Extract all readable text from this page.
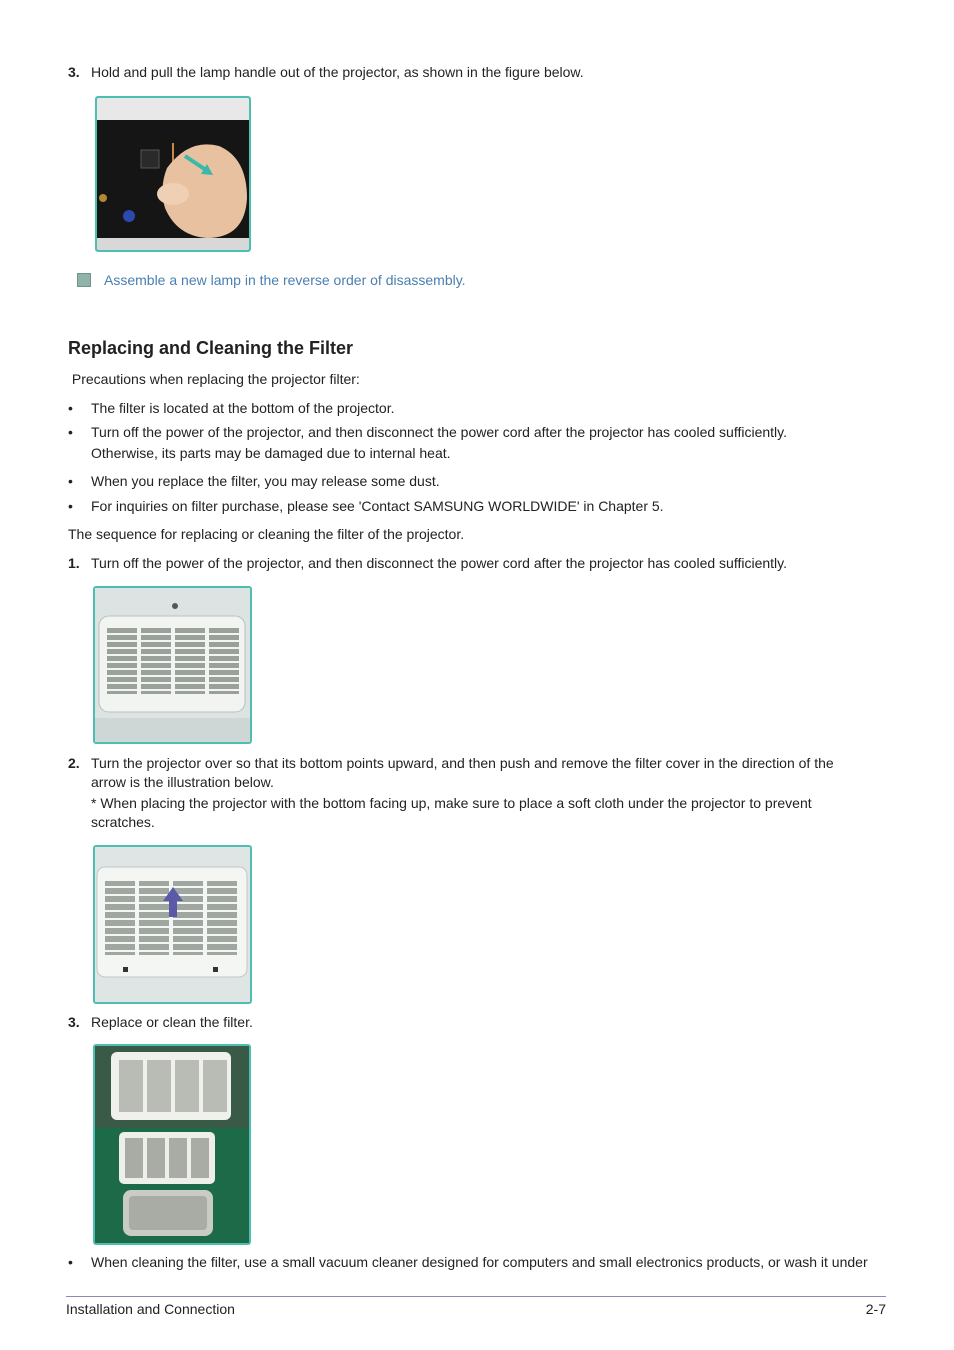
3. Hold and pull the lamp handle out of the projector, as shown in the figure below.
Assemble a new lamp in the reverse order of disassembly.
Replacing and Cleaning the Filter
Precautions when replacing the projector filter:
• The filter is located at the bottom of the projector.
• Turn off the power of the projector, and then disconnect the power cord after the projector has cooled sufficiently.
Otherwise, its parts may be damaged due to internal heat.
• When you replace the filter, you may release some dust.
• For inquiries on filter purchase, please see 'Contact SAMSUNG WORLDWIDE' in Chapter 5.
The sequence for replacing or cleaning the filter of the projector.
1. Turn off the power of the projector, and then disconnect the power cord after the projector has cooled sufficiently.
2. Turn the projector over so that its bottom points upward, and then push and remove the filter cover in the direction of the
arrow is the illustration below.
* When placing the projector with the bottom facing up, make sure to place a soft cloth under the projector to prevent
scratches.
3. Replace or clean the filter.
• When cleaning the filter, use a small vacuum cleaner designed for computers and small electronics products, or wash it under
Installation and Connection	2-7
